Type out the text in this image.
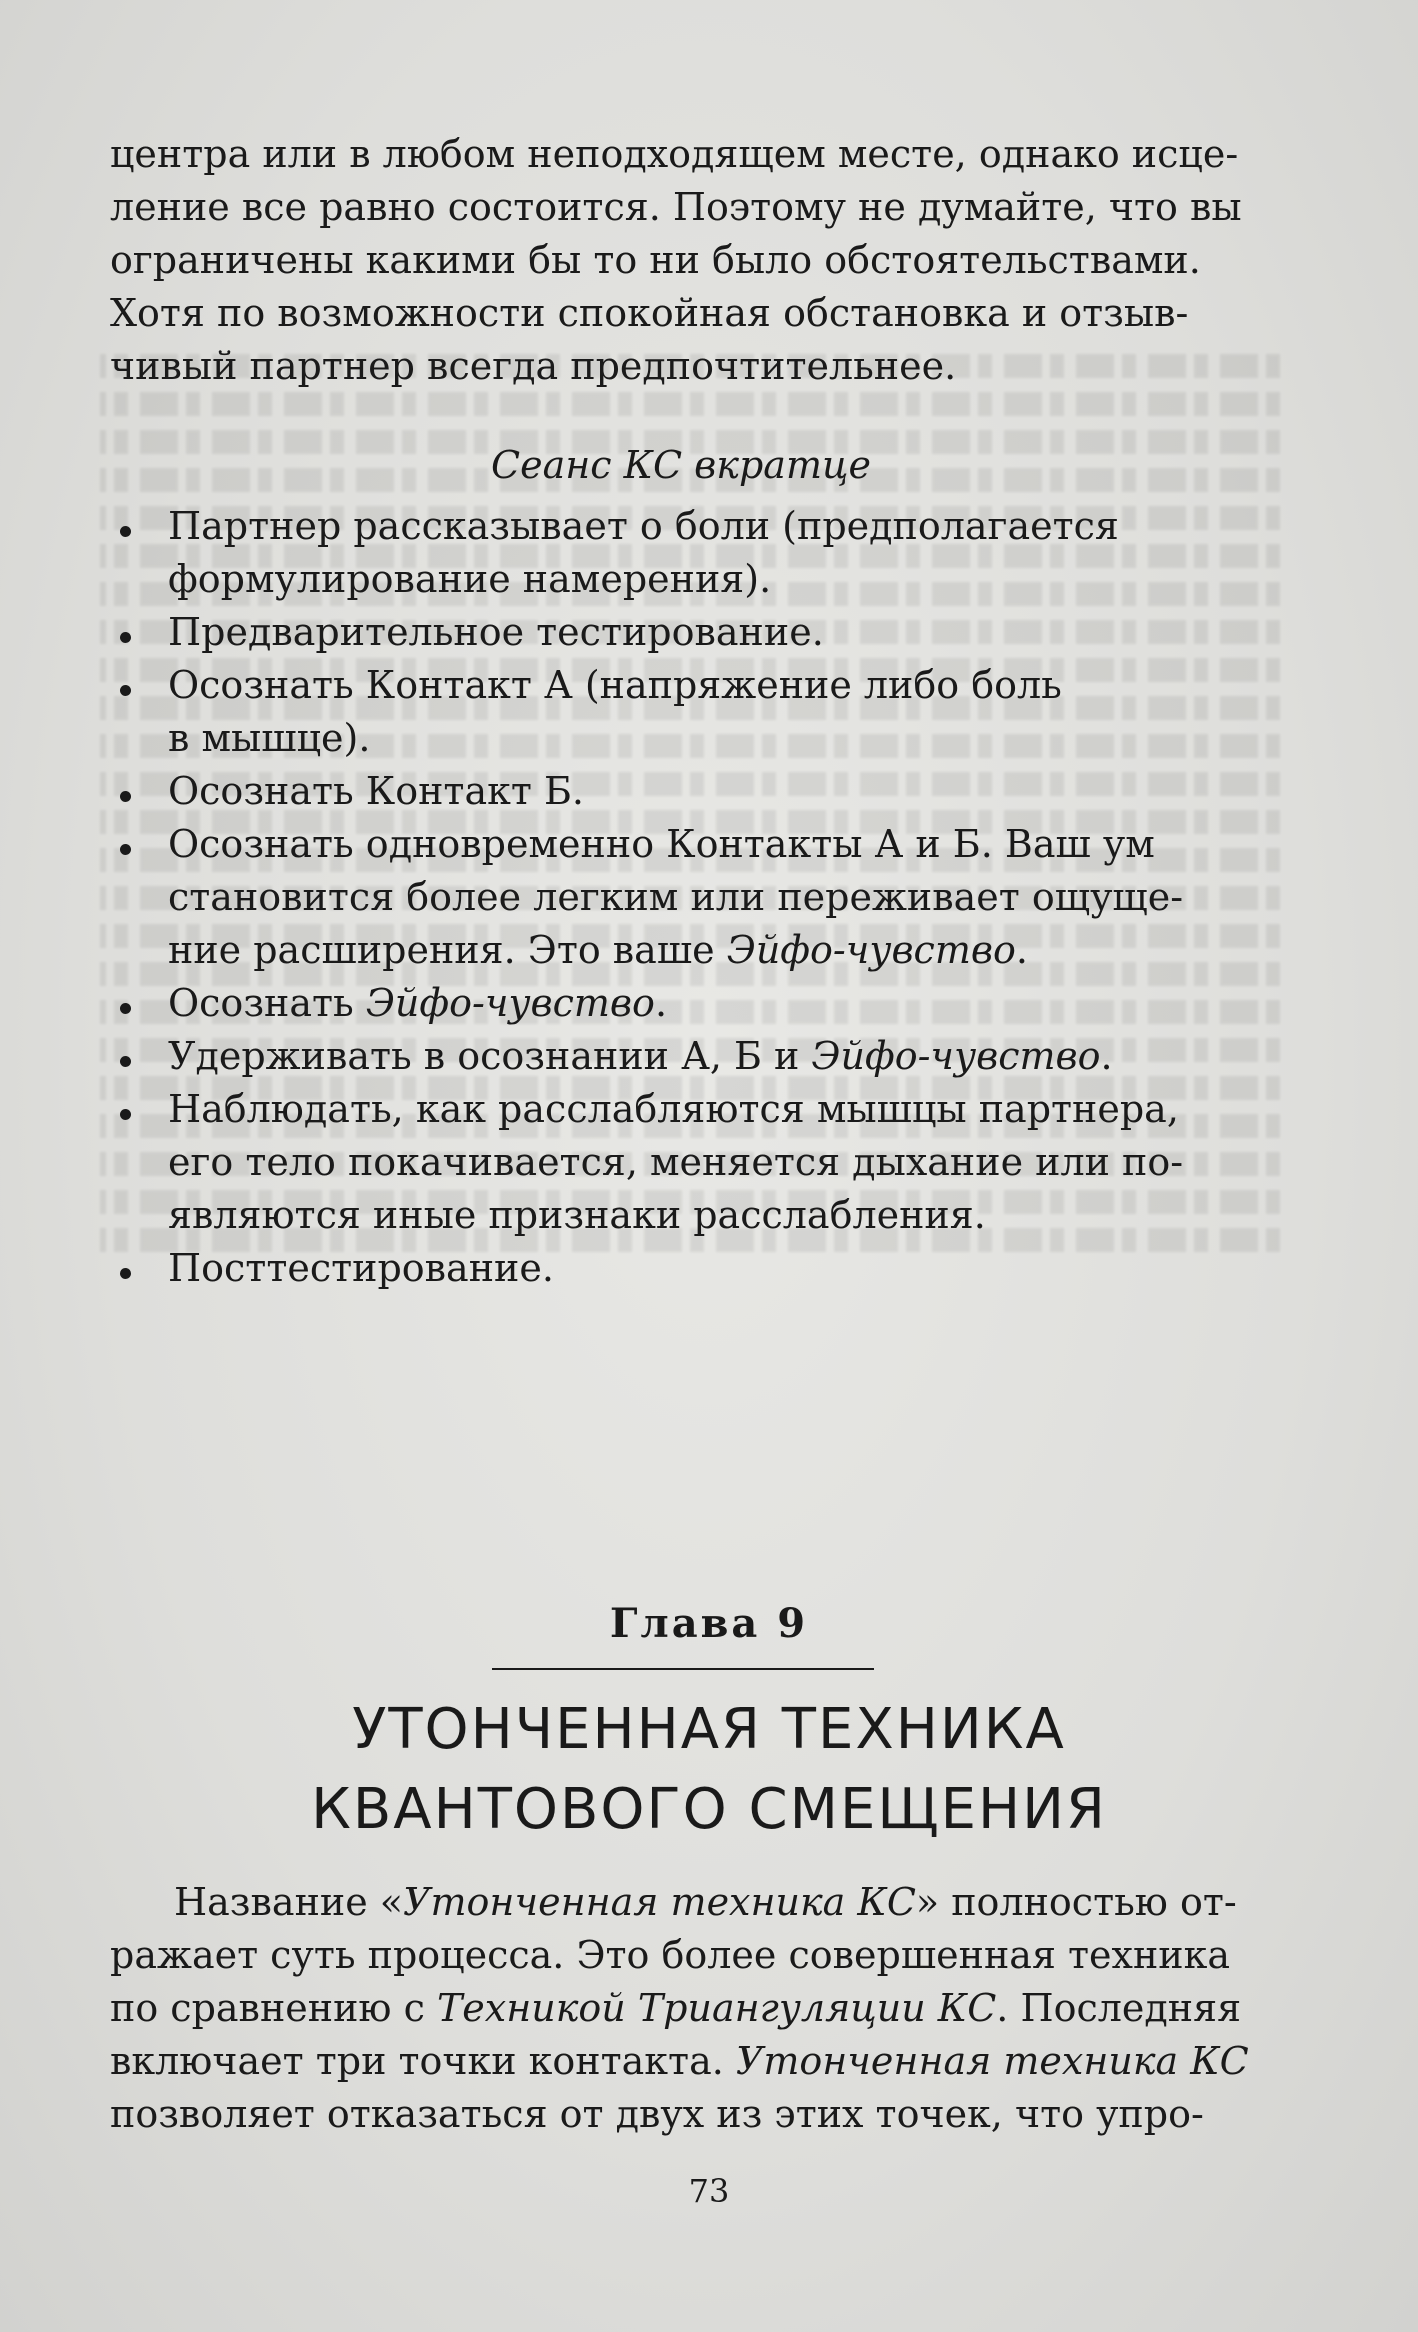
центра или в любом неподходящем месте, однако исце-
ление все равно состоится. Поэтому не думайте, что вы
ограничены какими бы то ни было обстоятельствами.
Хотя по возможности спокойная обстановка и отзыв-
чивый партнер всегда предпочтительнее.

Сеанс КС вкратце
Партнер рассказывает о боли (предполагается
формулирование намерения).
Предварительное тестирование.
Осознать Контакт А (напряжение либо боль
в мышце).
Осознать Контакт Б.
Осознать одновременно Контакты А и Б. Ваш ум
становится более легким или переживает ощуще-
ние расширения. Это ваше Эйфо-чувство.
Осознать Эйфо-чувство.
Удерживать в осознании А, Б и Эйфо-чувство.
Наблюдать, как расслабляются мышцы партнера,
его тело покачивается, меняется дыхание или по-
являются иные признаки расслабления.
Посттестирование.
Глава 9
УТОНЧЕННАЯ ТЕХНИКА
КВАНТОВОГО СМЕЩЕНИЯ
Название «Утонченная техника КС» полностью от-
ражает суть процесса. Это более совершенная техника
по сравнению с Техникой Триангуляции КС. Последняя
включает три точки контакта. Утонченная техника КС
позволяет отказаться от двух из этих точек, что упро-
73
